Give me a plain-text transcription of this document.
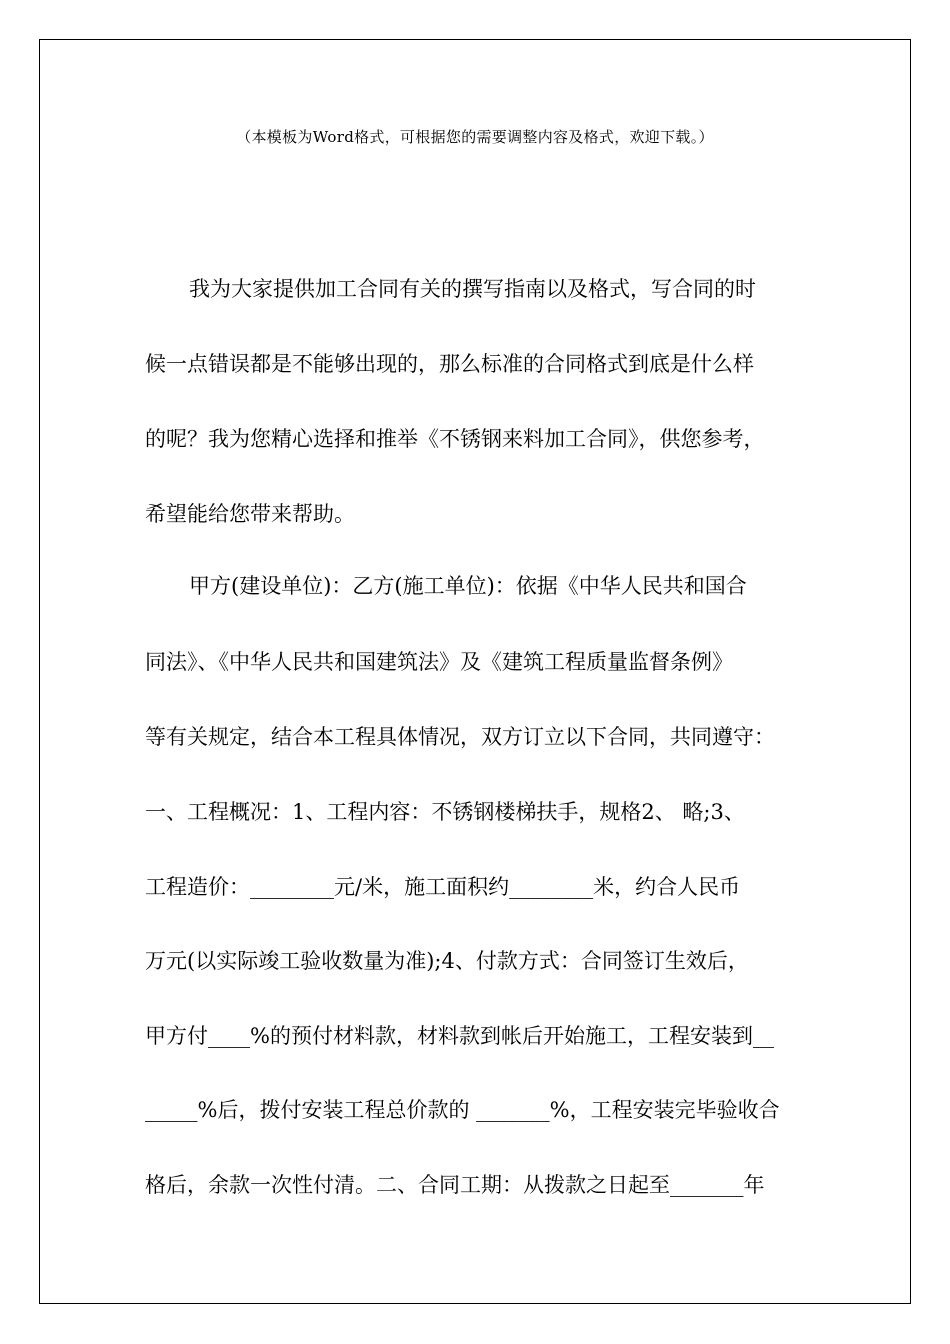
（本模板为Word格式，可根据您的需要调整内容及格式，欢迎下载。）
我为大家提供加工合同有关的撰写指南以及格式，写合同的时
候一点错误都是不能够出现的，那么标准的合同格式到底是什么样
的呢？我为您精心选择和推举《不锈钢来料加工合同》，供您参考，
希望能给您带来帮助。
甲方(建设单位)：乙方(施工单位)：依据《中华人民共和国合
同法》、《中华人民共和国建筑法》及《建筑工程质量监督条例》
等有关规定，结合本工程具体情况，双方订立以下合同，共同遵守：
一、工程概况：1、工程内容：不锈钢楼梯扶手，规格2、 略;3、
工程造价：________元/米，施工面积约________米，约合人民币
万元(以实际竣工验收数量为准);4、付款方式：合同签订生效后，
甲方付____%的预付材料款，材料款到帐后开始施工，工程安装到__
_____%后，拨付安装工程总价款的 _______%，工程安装完毕验收合
格后，余款一次性付清。二、合同工期：从拨款之日起至_______年
